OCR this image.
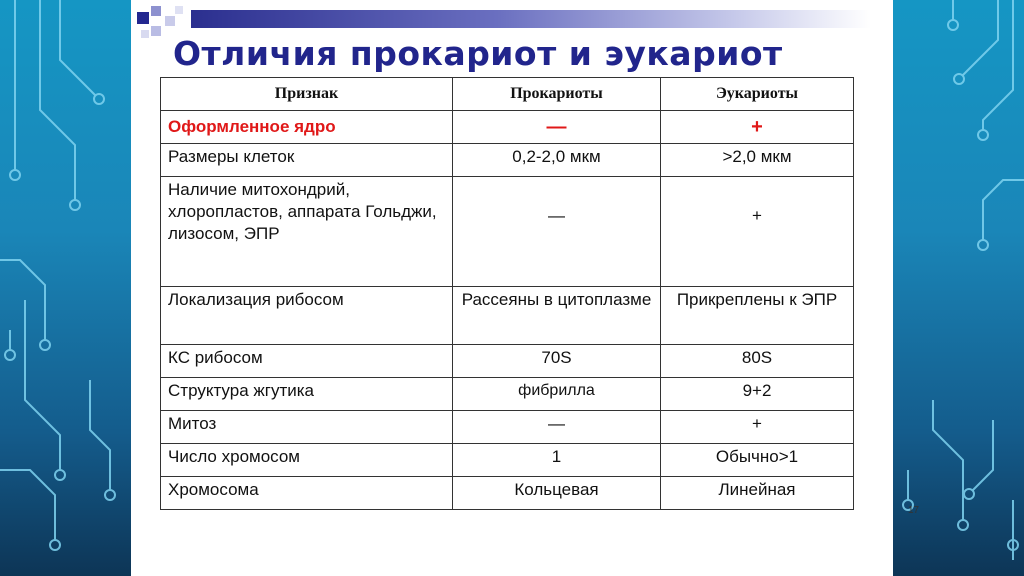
Отличия прокариот и эукариот
Признак	Прокариоты	Эукариоты
Оформленное ядро	—	+
Размеры клеток	0,2-2,0 мкм	>2,0 мкм
Наличие митохондрий, хлоропластов, аппарата Гольджи, лизосом, ЭПР	—	+
Локализация рибосом	Рассеяны в цитоплазме	Прикреплены к ЭПР
КС рибосом	70S	80S
Структура жгутика	фибрилла	9+2
Митоз	—	+
Число хромосом	1	Обычно>1
Хромосома	Кольцевая	Линейная
17
